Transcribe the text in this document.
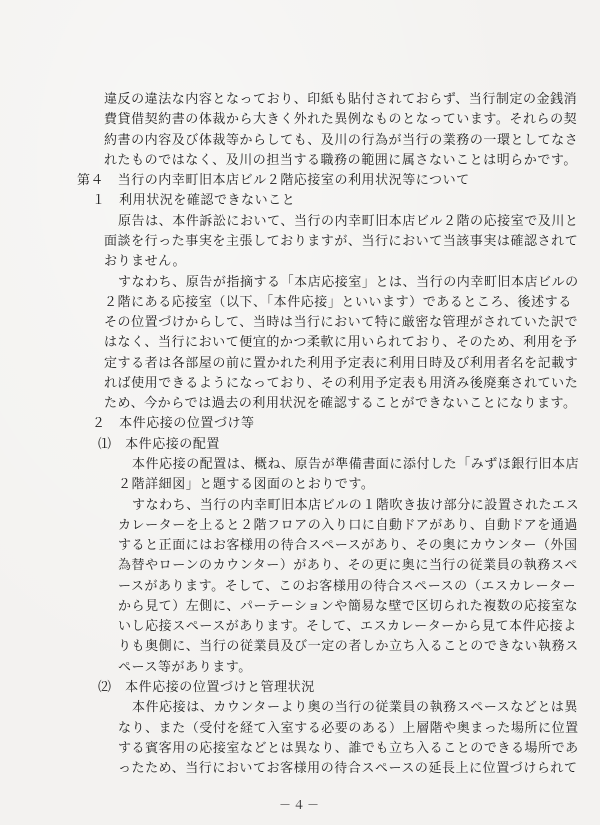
違反の違法な内容となっており、印紙も貼付されておらず、当行制定の金銭消
費貸借契約書の体裁から大きく外れた異例なものとなっています。それらの契
約書の内容及び体裁等からしても、及川の行為が当行の業務の一環としてなさ
れたものではなく、及川の担当する職務の範囲に属さないことは明らかです。
第４　当行の内幸町旧本店ビル２階応接室の利用状況等について
１　利用状況を確認できないこと
原告は、本件訴訟において、当行の内幸町旧本店ビル２階の応接室で及川と
面談を行った事実を主張しておりますが、当行において当該事実は確認されて
おりません。
すなわち、原告が指摘する「本店応接室」とは、当行の内幸町旧本店ビルの
２階にある応接室（以下、「本件応接」といいます）であるところ、後述する
その位置づけからして、当時は当行において特に厳密な管理がされていた訳で
はなく、当行において便宜的かつ柔軟に用いられており、そのため、利用を予
定する者は各部屋の前に置かれた利用予定表に利用日時及び利用者名を記載す
れば使用できるようになっており、その利用予定表も用済み後廃棄されていた
ため、今からでは過去の利用状況を確認することができないことになります。
２　本件応接の位置づけ等
⑴　本件応接の配置
本件応接の配置は、概ね、原告が準備書面に添付した「みずほ銀行旧本店
２階詳細図」と題する図面のとおりです。
すなわち、当行の内幸町旧本店ビルの１階吹き抜け部分に設置されたエス
カレーターを上ると２階フロアの入り口に自動ドアがあり、自動ドアを通過
すると正面にはお客様用の待合スペースがあり、その奥にカウンター（外国
為替やローンのカウンター）があり、その更に奥に当行の従業員の執務スペ
ースがあります。そして、このお客様用の待合スペースの（エスカレーター
から見て）左側に、パーテーションや簡易な壁で区切られた複数の応接室な
いし応接スペースがあります。そして、エスカレーターから見て本件応接よ
りも奥側に、当行の従業員及び一定の者しか立ち入ることのできない執務ス
ペース等があります。
⑵　本件応接の位置づけと管理状況
本件応接は、カウンターより奥の当行の従業員の執務スペースなどとは異
なり、また（受付を経て入室する必要のある）上層階や奥まった場所に位置
する賓客用の応接室などとは異なり、誰でも立ち入ることのできる場所であ
ったため、当行においてお客様用の待合スペースの延長上に位置づけられて
－４－
